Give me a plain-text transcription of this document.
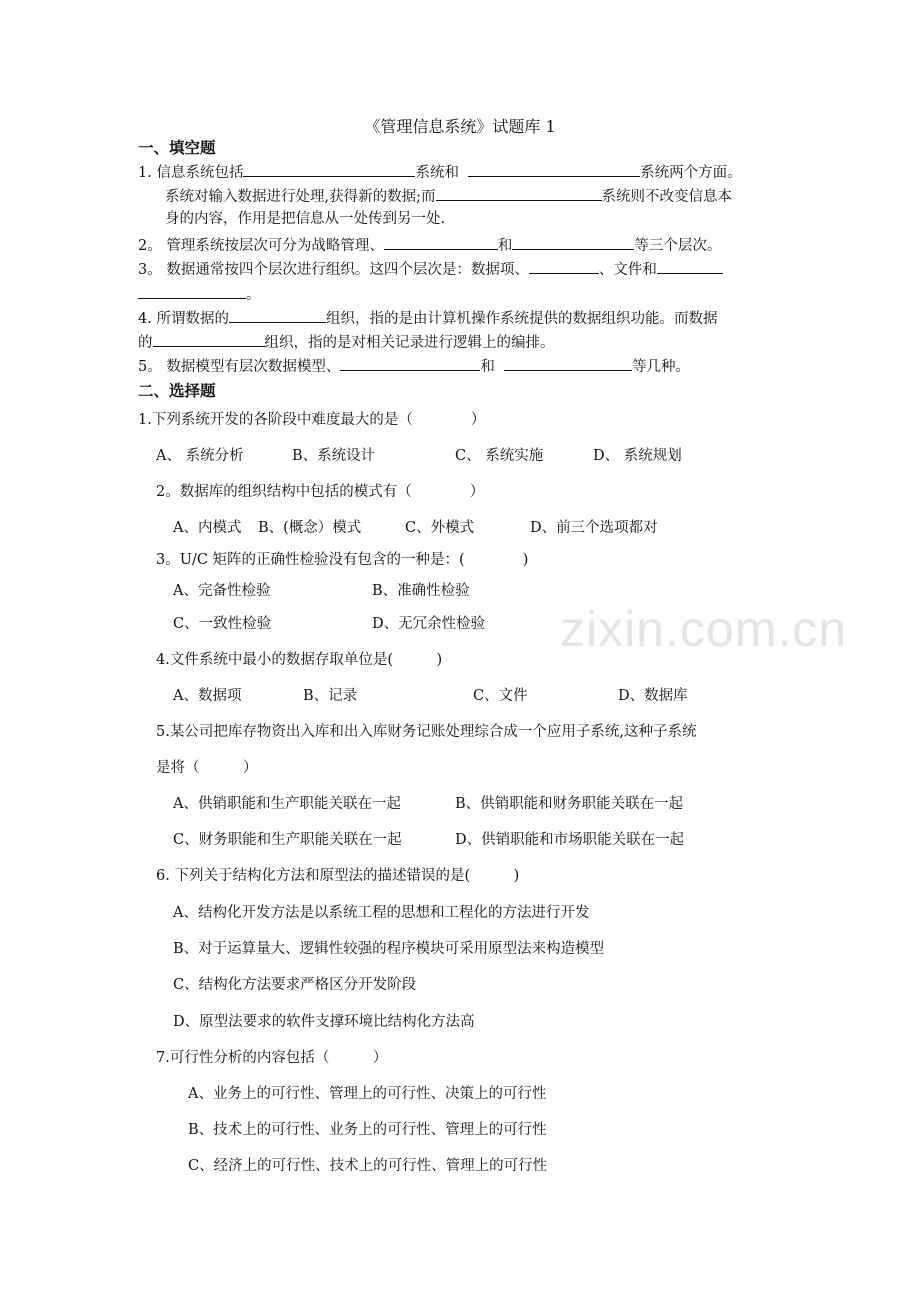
zixin.com.cn
《管理信息系统》试题库 1
一、填空题
1. 信息系统包括	系统和	系统两个方面。
系统对输入数据进行处理,获得新的数据;而	系统则不改变信息本
身的内容，作用是把信息从一处传到另一处.
2。 管理系统按层次可分为战略管理、	和	等三个层次。
3。 数据通常按四个层次进行组织。这四个层次是：数据项、	、文件和
。
4. 所谓数据的	组织，指的是由计算机操作系统提供的数据组织功能。而数据
的	组织，指的是对相关记录进行逻辑上的编排。
5。 数据模型有层次数据模型、	和	等几种。
二、选择题
1.下列系统开发的各阶段中难度最大的是（　　　　）
A、 系统分析	B、系统设计	C、 系统实施	D、 系统规划
2。数据库的组织结构中包括的模式有（　　　　）
A、内模式 B、(概念）模式	C、外模式	D、前三个选项都对
3。U/C 矩阵的正确性检验没有包含的一种是：(　　　　)
A、完备性检验	B、准确性检验
C、一致性检验	D、无冗余性检验
4.文件系统中最小的数据存取单位是(　　　)
A、数据项	B、记录	C、文件	D、数据库
5.某公司把库存物资出入库和出入库财务记账处理综合成一个应用子系统,这种子系统
是将（　　　）
A、供销职能和生产职能关联在一起	B、供销职能和财务职能关联在一起
C、财务职能和生产职能关联在一起	D、供销职能和市场职能关联在一起
6. 下列关于结构化方法和原型法的描述错误的是(　　　)
A、结构化开发方法是以系统工程的思想和工程化的方法进行开发
B、对于运算量大、逻辑性较强的程序模块可采用原型法来构造模型
C、结构化方法要求严格区分开发阶段
D、原型法要求的软件支撑环境比结构化方法高
7.可行性分析的内容包括（　　　）
A、业务上的可行性、管理上的可行性、决策上的可行性
B、技术上的可行性、业务上的可行性、管理上的可行性
C、经济上的可行性、技术上的可行性、管理上的可行性
